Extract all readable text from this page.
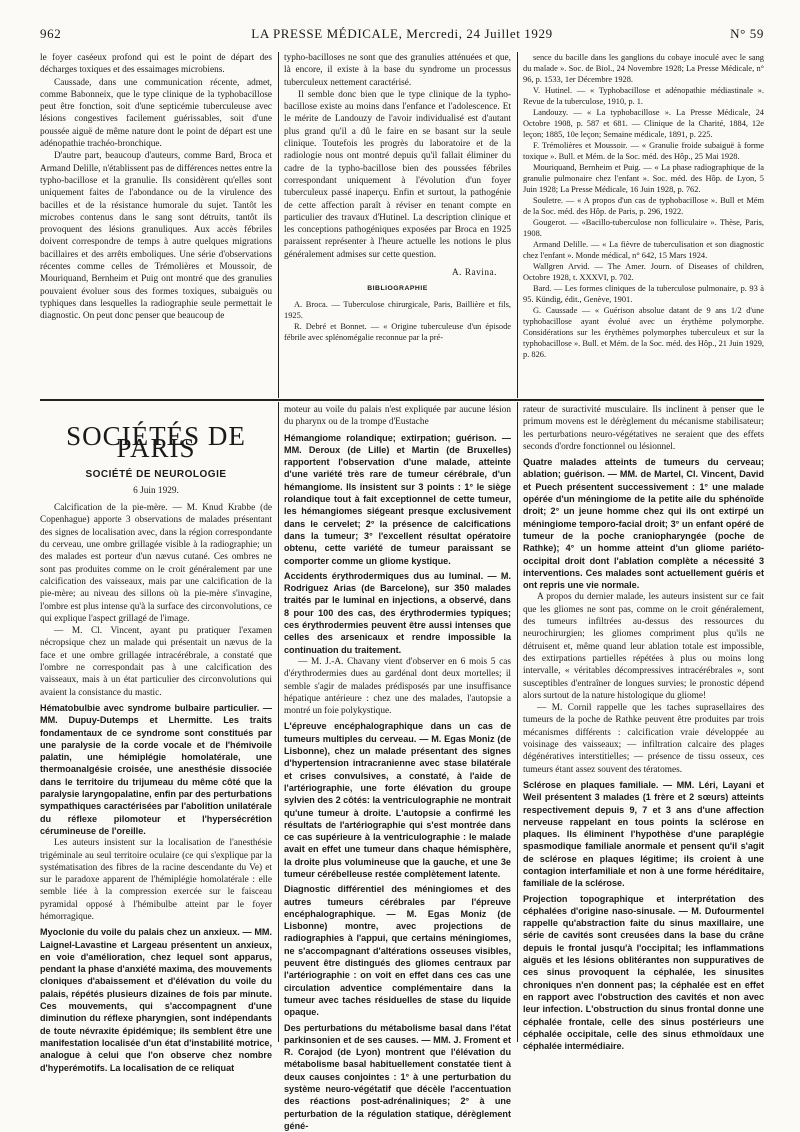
962	LA PRESSE MÉDICALE, Mercredi, 24 Juillet 1929	N° 59

le foyer caséeux profond qui est le point de départ des décharges toxiques et des essaimages microbiens.

Caussade, dans une communication récente, admet, comme Babonneix, que le type clinique de la typhobacillose peut être fonction, soit d'une septicémie tuberculeuse avec lésions congestives facilement guérissables, soit d'une poussée aiguë de même nature dont le point de départ est une adénopathie trachéo-bronchique.

D'autre part, beaucoup d'auteurs, comme Bard, Broca et Armand Delille, n'établissent pas de différences nettes entre la typho-bacillose et la granulie. Ils considèrent qu'elles sont uniquement faites de l'abondance ou de la virulence des bacilles et de la résistance humorale du sujet. Tantôt les microbes contenus dans le sang sont détruits, tantôt ils provoquent des lésions granuliques. Aux accès fébriles doivent correspondre de temps à autre quelques migrations bacillaires et des arrêts emboliques. Une série d'observations récentes comme celles de Trémolières et Moussoir, de Mouriquand, Bernheim et Puig ont montré que des granulies pouvaient évoluer sous des formes toxiques, subaiguës ou typhiques dans lesquelles la radiographie seule permettait le diagnostic. On peut donc penser que beaucoup de

typho-bacilloses ne sont que des granulies atténuées et que, là encore, il existe à la base du syndrome un processus tuberculeux nettement caractérisé.

Il semble donc bien que le type clinique de la typho-bacillose existe au moins dans l'enfance et l'adolescence. Et le mérite de Landouzy de l'avoir individualisé est d'autant plus grand qu'il a dû le faire en se basant sur la seule clinique. Toutefois les progrès du laboratoire et de la radiologie nous ont montré depuis qu'il fallait éliminer du cadre de la typho-bacillose bien des poussées fébriles correspondant uniquement à l'évolution d'un foyer tuberculeux passé inaperçu. Enfin et surtout, la pathogénie de cette affection paraît à réviser en tenant compte en particulier des travaux d'Hutinel. La description clinique et les conceptions pathogéniques exposées par Broca en 1925 paraissent représenter à l'heure actuelle les notions le plus généralement admises sur cette question.

A. Ravina.

BIBLIOGRAPHIE

A. Broca. — Tuberculose chirurgicale, Paris, Baillière et fils, 1925.

R. Debré et Bonnet. — « Origine tuberculeuse d'un épisode fébrile avec splénomégalie reconnue par la pré-

sence du bacille dans les ganglions du cobaye inoculé avec le sang du malade ». Soc. de Biol., 24 Novembre 1928; La Presse Médicale, n° 96, p. 1533, 1er Décembre 1928.

V. Hutinel. — « Typhobacillose et adénopathie médiastinale ». Revue de la tuberculose, 1910, p. 1.

Landouzy. — « La typhobacillose ». La Presse Médicale, 24 Octobre 1908, p. 587 et 681. — Clinique de la Charité, 1884, 12e leçon; 1885, 10e leçon; Semaine médicale, 1891, p. 225.

F. Trémolières et Moussoir. — « Granulie froide subaiguë à forme toxique ». Bull. et Mém. de la Soc. méd. des Hôp., 25 Mai 1928.

Mouriquand, Bernheim et Puig. — « La phase radiographique de la granulie pulmonaire chez l'enfant ». Soc. méd. des Hôp. de Lyon, 5 Juin 1928; La Presse Médicale, 16 Juin 1928, p. 762.

Souletre. — « A propos d'un cas de typhobacillose ». Bull et Mém de la Soc. méd. des Hôp. de Paris, p. 296, 1922.

Gougerot. — «Bacillo-tuberculose non folliculaire ». Thèse, Paris, 1908.

Armand Delille. — « La fièvre de tuberculisation et son diagnostic chez l'enfant ». Monde médical, n° 642, 15 Mars 1924.

Wallgren Arvid. — The Amer. Journ. of Diseases of children, Octobre 1928, t. XXXVI, p. 702.

Bard. — Les formes cliniques de la tuberculose pulmonaire, p. 93 à 95. Kündig, édit., Genève, 1901.

G. Caussade — « Guérison absolue datant de 9 ans 1/2 d'une typhobacillose ayant évolué avec un érythème polymorphe. Considérations sur les érythèmes polymorphes tuberculeux et sur la typhobacillose ». Bull. et Mém. de la Soc. méd. des Hôp., 21 Juin 1929, p. 826.

SOCIÉTÉS DE PARIS
SOCIÉTÉ DE NEUROLOGIE
6 Juin 1929.

Calcification de la pie-mère. — M. Knud Krabbe (de Copenhague) apporte 3 observations de malades présentant des signes de localisation avec, dans la région correspondante du cerveau, une ombre grillagée visible à la radiographie; un des malades est porteur d'un nævus cutané. Ces ombres ne sont pas produites comme on le croit généralement par une calcification des vaisseaux, mais par une calcification de la pie-mère; au niveau des sillons où la pie-mère s'invagine, l'ombre est plus intense qu'à la surface des circonvolutions, ce qui explique l'aspect grillagé de l'image.

— M. Cl. Vincent, ayant pu pratiquer l'examen nécropsique chez un malade qui présentait un nævus de la face et une ombre grillagée intracérébrale, a constaté que l'ombre ne correspondait pas à une calcification des vaisseaux, mais à un état particulier des circonvolutions qui avaient la consistance du mastic.

Hématobulbie avec syndrome bulbaire particulier. — MM. Dupuy-Dutemps et Lhermitte. Les traits fondamentaux de ce syndrome sont constitués par une paralysie de la corde vocale et de l'hémivoile palatin, une hémiplégie homolatérale, une thermoanalgésie croisée, une anesthésie dissociée dans le territoire du trijumeau du même côté que la paralysie laryngopalatine, enfin par des perturbations sympathiques caractérisées par l'abolition unilatérale du réflexe pilomoteur et l'hypersécrétion cérumineuse de l'oreille.

Les auteurs insistent sur la localisation de l'anesthésie trigéminale au seul territoire oculaire (ce qui s'explique par la systématisation des fibres de la racine descendante du Ve) et sur le paradoxe apparent de l'hémiplégie homolatérale : elle semble liée à la compression exercée sur le faisceau pyramidal opposé à l'hémibulbe atteint par le foyer hémorragique.

Myoclonie du voile du palais chez un anxieux. — MM. Laignel-Lavastine et Largeau présentent un anxieux, en voie d'amélioration, chez lequel sont apparus, pendant la phase d'anxiété maxima, des mouvements cloniques d'abaissement et d'élévation du voile du palais, répétés plusieurs dizaines de fois par minute. Ces mouvements, qui s'accompagnent d'une diminution du réflexe pharyngien, sont indépendants de toute névraxite épidémique; ils semblent être une manifestation localisée d'un état d'instabilité motrice, analogue à celui que l'on observe chez nombre d'hyperémotifs. La localisation de ce reliquat

moteur au voile du palais n'est expliquée par aucune lésion du pharynx ou de la trompe d'Eustache

Hémangiome rolandique; extirpation; guérison. — MM. Deroux (de Lille) et Martin (de Bruxelles) rapportent l'observation d'une malade, atteinte d'une variété très rare de tumeur cérébrale, d'un hémangiome. Ils insistent sur 3 points : 1° le siège rolandique tout à fait exceptionnel de cette tumeur, les hémangiomes siégeant presque exclusivement dans le cervelet; 2° la présence de calcifications dans la tumeur; 3° l'excellent résultat opératoire obtenu, cette variété de tumeur paraissant se comporter comme un gliome kystique.

Accidents érythrodermiques dus au luminal. — M. Rodriguez Arias (de Barcelone), sur 350 malades traités par le luminal en injections, a observé, dans 8 pour 100 des cas, des érythrodermies typiques; ces érythrodermies peuvent être aussi intenses que celles des arsenicaux et rendre impossible la continuation du traitement.

— M. J.-A. Chavany vient d'observer en 6 mois 5 cas d'érythrodermies dues au gardénal dont deux mortelles; il semble s'agir de malades prédisposés par une insuffisance hépatique antérieure : chez une des malades, l'autopsie a montré un foie polykystique.

L'épreuve encéphalographique dans un cas de tumeurs multiples du cerveau. — M. Egas Moniz (de Lisbonne), chez un malade présentant des signes d'hypertension intracranienne avec stase bilatérale et crises convulsives, a constaté, à l'aide de l'artériographie, une forte élévation du groupe sylvien des 2 côtés: la ventriculographie ne montrait qu'une tumeur à droite. L'autopsie a confirmé les résultats de l'artériographie qui s'est montrée dans ce cas supérieure à la ventriculographie : le malade avait en effet une tumeur dans chaque hémisphère, la droite plus volumineuse que la gauche, et une 3e tumeur cérébelleuse restée complètement latente.

Diagnostic différentiel des méningiomes et des autres tumeurs cérébrales par l'épreuve encéphalographique. — M. Egas Moniz (de Lisbonne) montre, avec projections de radiographies à l'appui, que certains méningiomes, ne s'accompagnant d'altérations osseuses visibles, peuvent être distingués des gliomes centraux par l'artériographie : on voit en effet dans ces cas une circulation adventice complémentaire dans la tumeur avec taches résiduelles de stase du liquide opaque.

Des perturbations du métabolisme basal dans l'état parkinsonien et de ses causes. — MM. J. Froment et R. Corajod (de Lyon) montrent que l'élévation du métabolisme basal habituellement constatée tient à deux causes conjointes : 1° à une perturbation du système neuro-végétatif que décèle l'accentuation des réactions post-adrénaliniques; 2° à une perturbation de la régulation statique, dérèglement géné-

rateur de suractivité musculaire. Ils inclinent à penser que le primum movens est le dérèglement du mécanisme stabilisateur; les perturbations neuro-végétatives ne seraient que des effets seconds d'ordre fonctionnel ou lésionnel.

Quatre malades atteints de tumeurs du cerveau; ablation; guérison. — MM. de Martel, Cl. Vincent, David et Puech présentent successivement : 1° une malade opérée d'un méningiome de la petite aile du sphénoïde droit; 2° un jeune homme chez qui ils ont extirpé un méningiome temporo-facial droit; 3° un enfant opéré de tumeur de la poche craniopharyngée (poche de Rathke); 4° un homme atteint d'un gliome pariéto-occipital droit dont l'ablation complète a nécessité 3 interventions. Ces malades sont actuellement guéris et ont repris une vie normale.

A propos du dernier malade, les auteurs insistent sur ce fait que les gliomes ne sont pas, comme on le croit généralement, des tumeurs infiltrées au-dessus des ressources du neurochirurgien; les gliomes compriment plus qu'ils ne détruisent et, même quand leur ablation totale est impossible, des extirpations partielles répétées à plus ou moins long intervalle, « véritables décompressives intracérébrales », sont susceptibles d'entraîner de longues survies; le pronostic dépend alors surtout de la nature histologique du gliome!

— M. Cornil rappelle que les taches suprasellaires des tumeurs de la poche de Rathke peuvent être produites par trois mécanismes différents : calcification vraie développée au voisinage des vaisseaux; — infiltration calcaire des plages dégénératives interstitielles; — présence de tissu osseux, ces tumeurs étant assez souvent des tératomes.

Sclérose en plaques familiale. — MM. Léri, Layani et Weil présentent 3 malades (1 frère et 2 sœurs) atteints respectivement depuis 9, 7 et 3 ans d'une affection nerveuse rappelant en tous points la sclérose en plaques. Ils éliminent l'hypothèse d'une paraplégie spasmodique familiale anormale et pensent qu'il s'agit de sclérose en plaques légitime; ils croient à une contagion interfamiliale et non à une forme héréditaire, familiale de la sclérose.

Projection topographique et interprétation des céphalées d'origine naso-sinusale. — M. Dufourmentel rappelle qu'abstraction faite du sinus maxillaire, une série de cavités sont creusées dans la base du crâne depuis le frontal jusqu'à l'occipital; les inflammations aiguës et les lésions oblitérantes non suppuratives de ces sinus provoquent la céphalée, les sinusites chroniques n'en donnent pas; la céphalée est en effet en rapport avec l'obstruction des cavités et non avec leur infection. L'obstruction du sinus frontal donne une céphalée frontale, celle des sinus postérieurs une céphalée occipitale, celle des sinus ethmoïdaux une céphalée intermédiaire.
